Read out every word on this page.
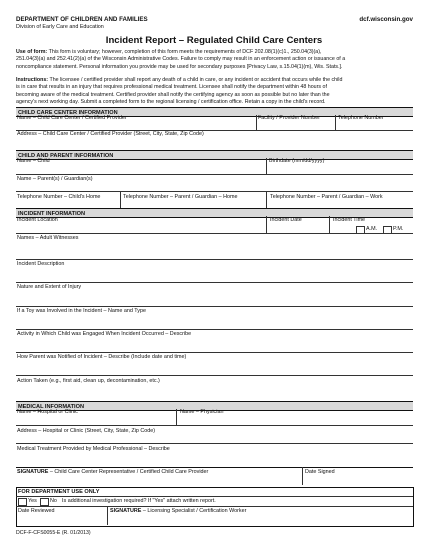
DEPARTMENT OF CHILDREN AND FAMILIES
Division of Early Care and Education
dcf.wisconsin.gov
Incident Report – Regulated Child Care Centers
Use of form: This form is voluntary; however, completion of this form meets the requirements of DCF 202.08(1)(c)1., 250.04(3)(a),
251.04(3)(a) and 252.41(2)(a) of the Wisconsin Administrative Codes. Failure to comply may result in an enforcement action or issuance of a
noncompliance statement. Personal information you provide may be used for secondary purposes [Privacy Law, s.15.04(1)(m), Wis. Stats.].
Instructions: The licensee / certified provider shall report any death of a child in care, or any incident or accident that occurs while the child
is in care that results in an injury that requires professional medical treatment. Licensee shall notify the department within 48 hours of
becoming aware of the medical treatment. Certified provider shall notify the certifying agency as soon as possible but no later than the
agency's next working day. Submit a completed form to the regional licensing / certification office. Retain a copy in the child's record.
CHILD CARE CENTER INFORMATION
Name – Child Care Center / Certified Provider	Facility / Provider Number	Telephone Number
Address – Child Care Center / Certified Provider (Street, City, State, Zip Code)
CHILD AND PARENT INFORMATION
Name – Child	Birthdate (mm/dd/yyyy)
Name – Parent(s) / Guardian(s)
Telephone Number – Child's Home	Telephone Number – Parent / Guardian – Home	Telephone Number – Parent / Guardian – Work
INCIDENT INFORMATION
Incident Location	Incident Date	Incident Time
A.M.	P.M.
Names – Adult Witnesses
Incident Description
Nature and Extent of Injury
If a Toy was Involved in the Incident – Name and Type
Activity in Which Child was Engaged When Incident Occurred – Describe
How Parent was Notified of Incident – Describe (Include date and time)
Action Taken (e.g., first aid, clean up, decontamination, etc.)
MEDICAL INFORMATION
Name – Hospital or Clinic	Name – Physician
Address – Hospital or Clinic (Street, City, State, Zip Code)
Medical Treatment Provided by Medical Professional – Describe
SIGNATURE – Child Care Center Representative / Certified Child Care Provider	Date Signed
FOR DEPARTMENT USE ONLY
Yes No Is additional investigation required? If "Yes" attach written report.
Date Reviewed	SIGNATURE – Licensing Specialist / Certification Worker
DCF-F-CFS0055-E (R. 01/2013)
